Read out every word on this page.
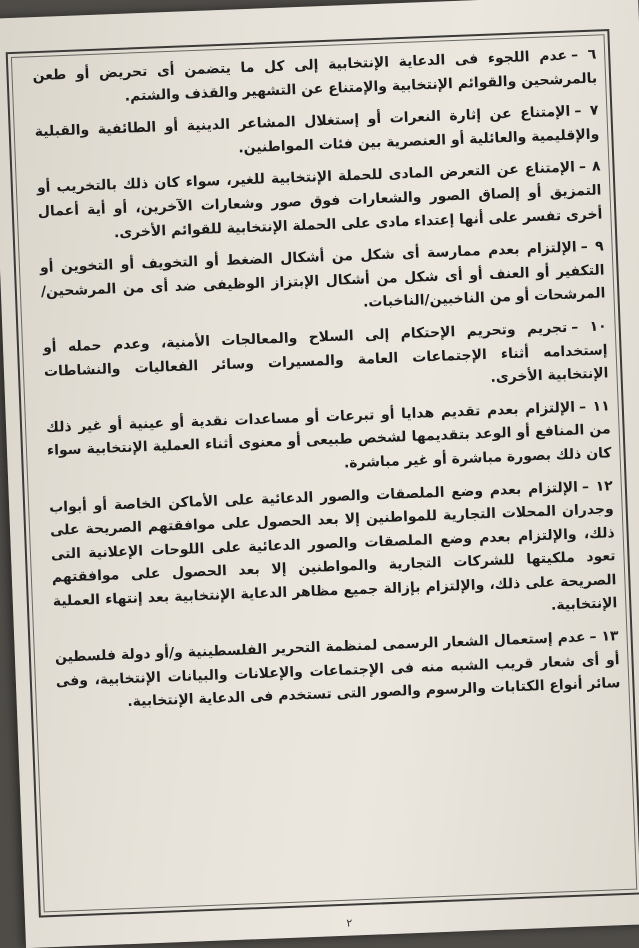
٦ –عدم اللجوء فى الدعاية الإنتخابية إلى كل ما يتضمن أى تحريض أو طعن بالمرشحين والقوائم الإنتخابية والإمتناع عن التشهير والقذف والشتم.

٧ –الإمتناع عن إثارة النعرات أو إستغلال المشاعر الدينية أو الطائفية والقبلية والإقليمية والعائلية أو العنصرية بين فئات المواطنين.

٨ –الإمتناع عن التعرض المادى للحملة الإنتخابية للغير، سواء كان ذلك بالتخريب أو التمزيق أو إلصاق الصور والشعارات فوق صور وشعارات الآخرين، أو أية أعمال أخرى تفسر على أنها إعتداء مادى على الحملة الإنتخابية للقوائم الأخرى.

٩ –الإلتزام بعدم ممارسة أى شكل من أشكال الضغط أو التخويف أو التخوين أو التكفير أو العنف أو أى شكل من أشكال الإبتزاز الوظيفى ضد أى من المرشحين/المرشحات أو من الناخبين/الناخبات.

١٠ –تجريم وتحريم الإحتكام إلى السلاح والمعالجات الأمنية، وعدم حمله أو إستخدامه أثناء الإجتماعات العامة والمسيرات وسائر الفعاليات والنشاطات الإنتخابية الأخرى.

١١ –الإلتزام بعدم تقديم هدايا أو تبرعات أو مساعدات نقدية أو عينية أو غير ذلك من المنافع أو الوعد بتقديمها لشخص طبيعى أو معنوى أثناء العملية الإنتخابية سواء كان ذلك بصورة مباشرة أو غير مباشرة.

١٢ –الإلتزام بعدم وضع الملصقات والصور الدعائية على الأماكن الخاصة أو أبواب وجدران المحلات التجارية للمواطنين إلا بعد الحصول على موافقتهم الصريحة على ذلك، والإلتزام بعدم وضع الملصقات والصور الدعائية على اللوحات الإعلانية التى تعود ملكيتها للشركات التجارية والمواطنين إلا بعد الحصول على موافقتهم الصريحة على ذلك، والإلتزام بإزالة جميع مظاهر الدعاية الإنتخابية بعد إنتهاء العملية الإنتخابية.

١٣ –عدم إستعمال الشعار الرسمى لمنظمة التحرير الفلسطينية و/أو دولة فلسطين أو أى شعار قريب الشبه منه فى الإجتماعات والإعلانات والبيانات الإنتخابية، وفى سائر أنواع الكتابات والرسوم والصور التى تستخدم فى الدعاية الإنتخابية.

٢
